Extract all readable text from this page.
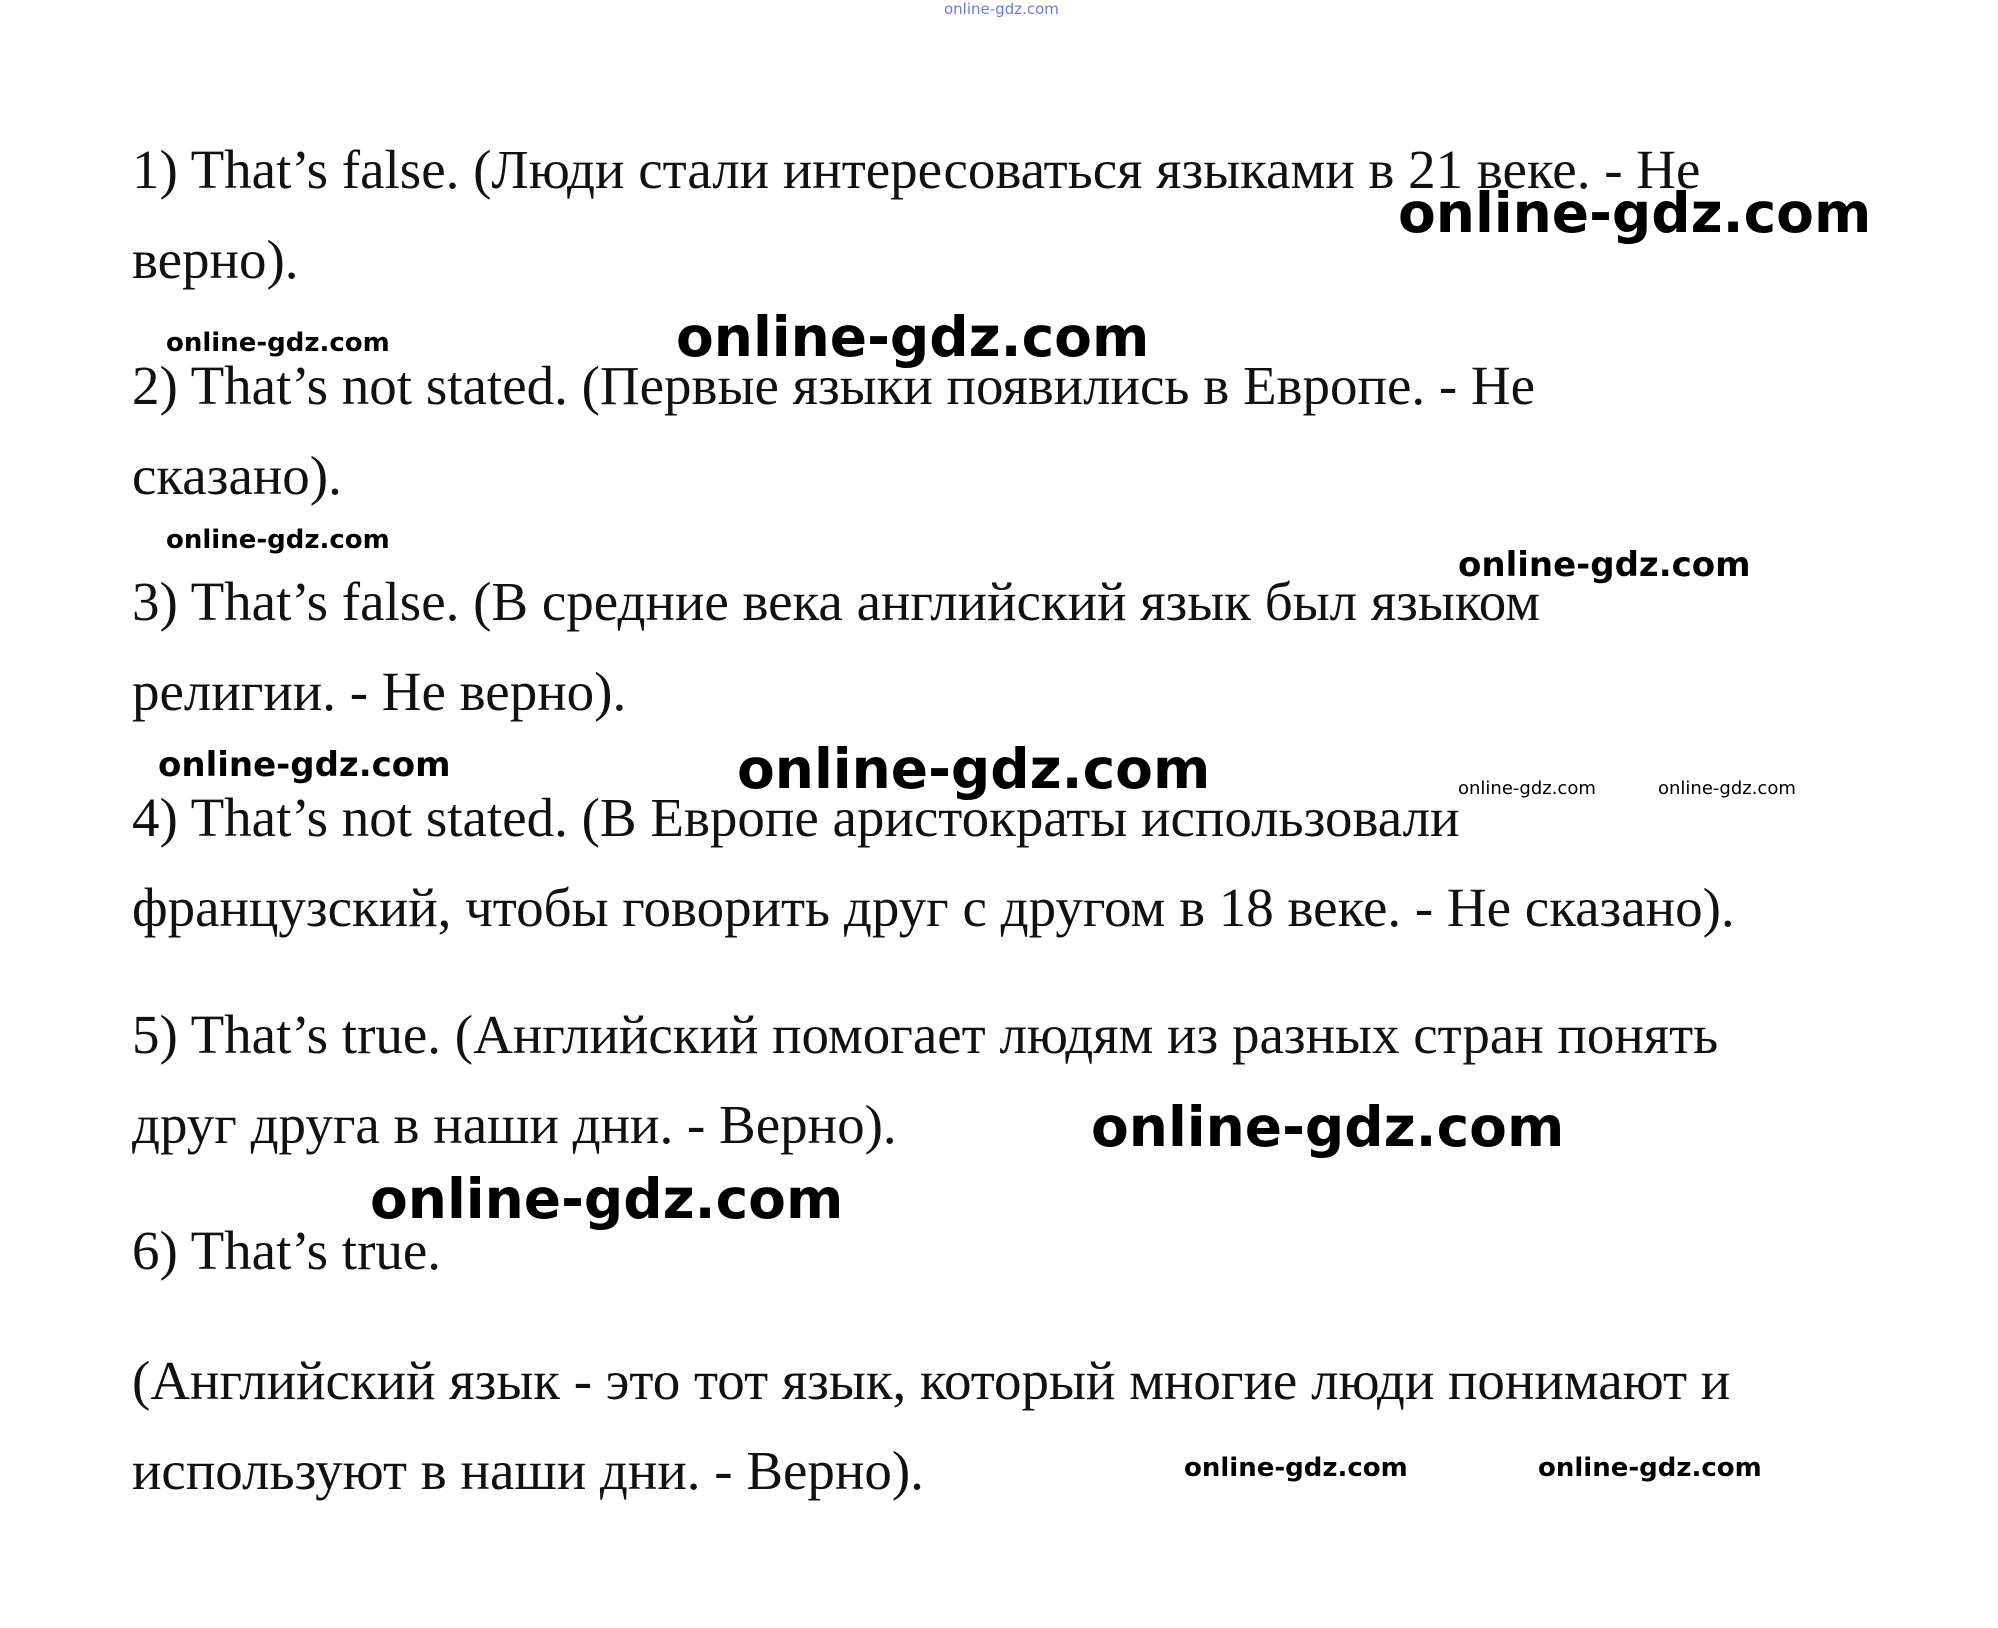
1) That’s false. (Люди стали интересоваться языками в 21 веке. - Не

верно).

2) That’s not stated. (Первые языки появились в Европе. - Не

сказано).

3) That’s false. (В средние века английский язык был языком

религии. - Не верно).

4) That’s not stated. (В Европе аристократы использовали

французский, чтобы говорить друг с другом в 18 веке. - Не сказано).

5) That’s true. (Английский помогает людям из разных стран понять

друг друга в наши дни. - Верно).

6) That’s true.

(Английский язык - это тот язык, который многие люди понимают и

используют в наши дни. - Верно).

online-gdz.com

online-gdz.com

online-gdz.com	online-gdz.com

online-gdz.com

online-gdz.com

online-gdz.com	online-gdz.com	online-gdz.com	online-gdz.com

online-gdz.com

online-gdz.com

online-gdz.com	online-gdz.com
